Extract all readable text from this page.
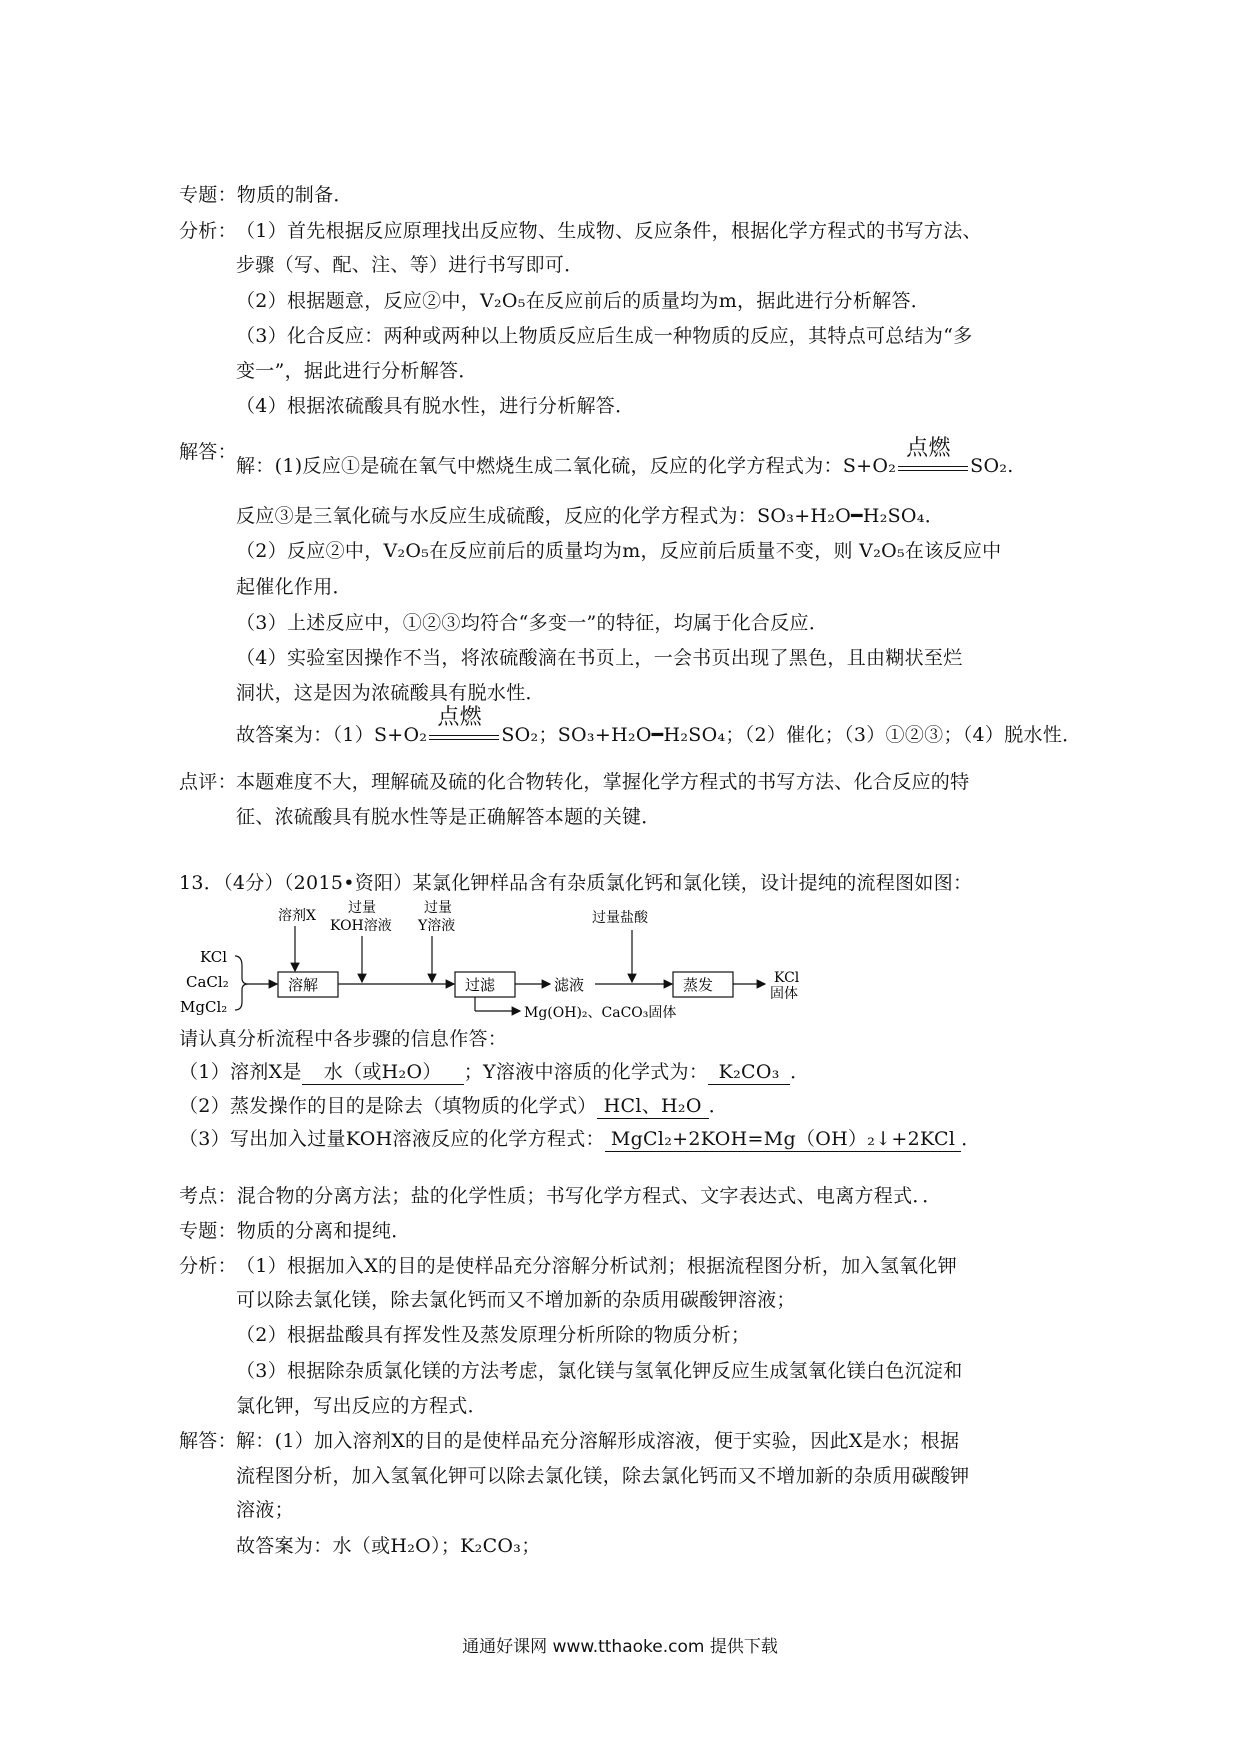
专题：物质的制备．
分析： （1）首先根据反应原理找出反应物、生成物、反应条件，根据化学方程式的书写方法、
步骤（写、配、注、等）进行书写即可．
（2）根据题意，反应②中，V₂O₅在反应前后的质量均为m，据此进行分析解答．
（3）化合反应：两种或两种以上物质反应后生成一种物质的反应，其特点可总结为“多
变一”，据此进行分析解答．
（4）根据浓硫酸具有脱水性，进行分析解答．
解答：
解：(1)反应①是硫在氧气中燃烧生成二氧化硫，反应的化学方程式为：S+O₂
点燃
SO₂.
反应③是三氧化硫与水反应生成硫酸，反应的化学方程式为：SO₃+H₂O━H₂SO₄．
（2）反应②中，V₂O₅在反应前后的质量均为m，反应前后质量不变，则 V₂O₅在该反应中
起催化作用．
（3）上述反应中，①②③均符合“多变一”的特征，均属于化合反应．
（4）实验室因操作不当，将浓硫酸滴在书页上，一会书页出现了黑色，且由糊状至烂
洞状，这是因为浓硫酸具有脱水性．
故答案为：（1）S+O₂
点燃
SO₂；SO₃+H₂O━H₂SO₄；（2）催化；（3）①②③；（4）脱水性．
点评： 本题难度不大，理解硫及硫的化合物转化，掌握化学方程式的书写方法、化合反应的特
征、浓硫酸具有脱水性等是正确解答本题的关键．
13．（4分）（2015•资阳）某氯化钾样品含有杂质氯化钙和氯化镁，设计提纯的流程图如图：
KCl
CaCl₂
MgCl₂
溶解
溶剂X 过量
KOH溶液
过量
Y溶液
过滤	滤液
过量盐酸
蒸发	KCl
固体
Mg(OH)₂、CaCO₃固体
请认真分析流程中各步骤的信息作答：
（1）溶剂X是 水（或H₂O） ；Y溶液中溶质的化学式为： K₂CO₃ ．
（2）蒸发操作的目的是除去（填物质的化学式） HCl、H₂O ．
（3）写出加入过量KOH溶液反应的化学方程式： MgCl₂+2KOH=Mg（OH）₂↓+2KCl ．
考点：混合物的分离方法；盐的化学性质；书写化学方程式、文字表达式、电离方程式．．
专题：物质的分离和提纯．
分析： （1）根据加入X的目的是使样品充分溶解分析试剂；根据流程图分析，加入氢氧化钾
可以除去氯化镁，除去氯化钙而又不增加新的杂质用碳酸钾溶液；
（2）根据盐酸具有挥发性及蒸发原理分析所除的物质分析；
（3）根据除杂质氯化镁的方法考虑，氯化镁与氢氧化钾反应生成氢氧化镁白色沉淀和
氯化钾，写出反应的方程式．
解答： 解：(1）加入溶剂X的目的是使样品充分溶解形成溶液，便于实验，因此X是水；根据
流程图分析，加入氢氧化钾可以除去氯化镁，除去氯化钙而又不增加新的杂质用碳酸钾
溶液；
故答案为：水（或H₂O）；K₂CO₃；
通通好课网 www.tthaoke.com 提供下载
